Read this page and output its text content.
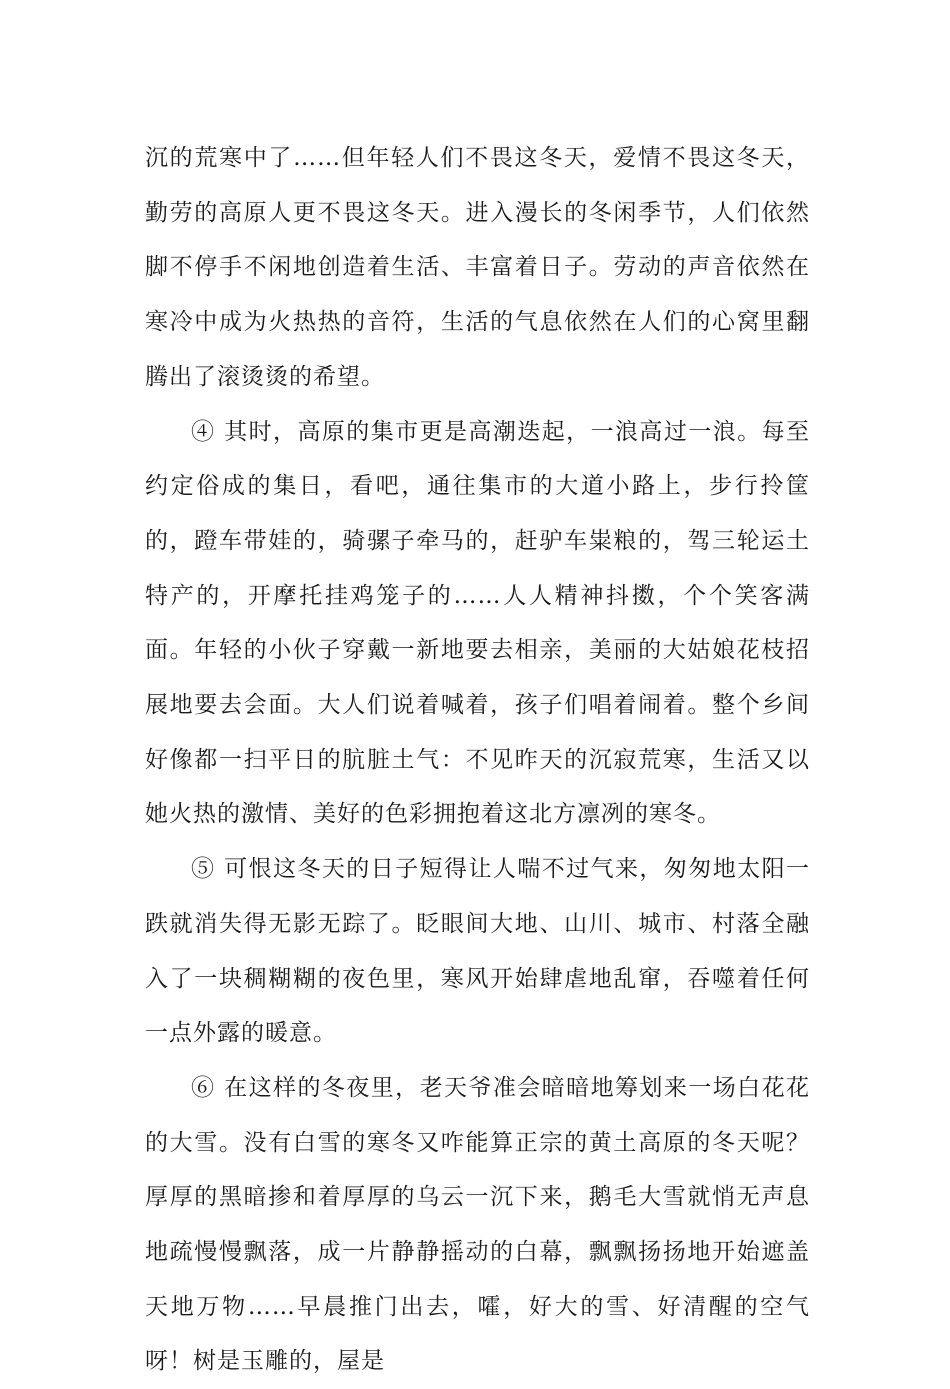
沉的荒寒中了……但年轻人们不畏这冬天，爱情不畏这冬天，勤劳的高原人更不畏这冬天。进入漫长的冬闲季节，人们依然脚不停手不闲地创造着生活、丰富着日子。劳动的声音依然在寒冷中成为火热热的音符，生活的气息依然在人们的心窝里翻腾出了滚烫烫的希望。

④ 其时，高原的集市更是高潮迭起，一浪高过一浪。每至约定俗成的集日，看吧，通往集市的大道小路上，步行拎筐的，蹬车带娃的，骑骡子牵马的，赶驴车粜粮的，驾三轮运土特产的，开摩托挂鸡笼子的……人人精神抖擞，个个笑客满面。年轻的小伙子穿戴一新地要去相亲，美丽的大姑娘花枝招展地要去会面。大人们说着喊着，孩子们唱着闹着。整个乡间好像都一扫平日的肮脏土气：不见昨天的沉寂荒寒，生活又以她火热的激情、美好的色彩拥抱着这北方凛冽的寒冬。

⑤ 可恨这冬天的日子短得让人喘不过气来，匆匆地太阳一跌就消失得无影无踪了。眨眼间大地、山川、城市、村落全融入了一块稠糊糊的夜色里，寒风开始肆虐地乱窜，吞噬着任何一点外露的暖意。

⑥ 在这样的冬夜里，老天爷准会暗暗地筹划来一场白花花的大雪。没有白雪的寒冬又咋能算正宗的黄土高原的冬天呢？厚厚的黑暗掺和着厚厚的乌云一沉下来，鹅毛大雪就悄无声息地疏慢慢飘落，成一片静静摇动的白幕，飘飘扬扬地开始遮盖天地万物……早晨推门出去，嚯，好大的雪、好清醒的空气呀！树是玉雕的，屋是
